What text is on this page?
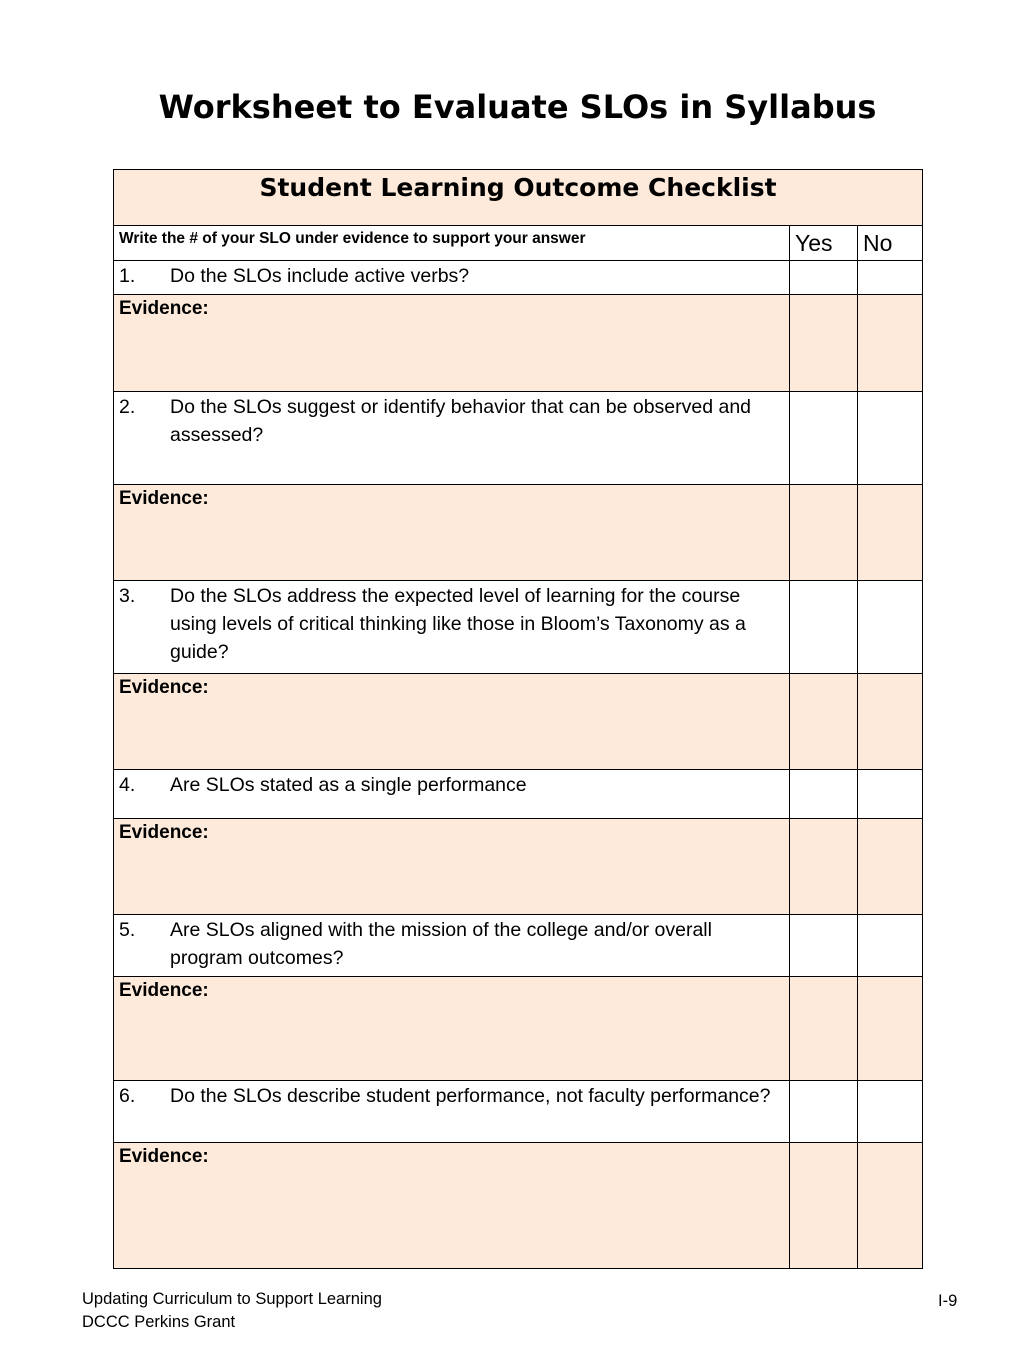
Worksheet to Evaluate SLOs in Syllabus
Student Learning Outcome Checklist		
Write the # of your SLO under evidence to support your answer	Yes	No

1. Do the SLOs include active verbs?		

Evidence:		

2. Do the SLOs suggest or identify behavior that can be observed and assessed?		

Evidence:		

3. Do the SLOs address the expected level of learning for the course using levels of critical thinking like those in Bloom’s Taxonomy as a guide?		

Evidence:		

4. Are SLOs stated as a single performance		

Evidence:		

5. Are SLOs aligned with the mission of the college and/or overall program outcomes?		

Evidence:		

6. Do the SLOs describe student performance, not faculty performance?		

Evidence:		
Updating Curriculum to Support Learning
DCCC Perkins Grant
I-9
